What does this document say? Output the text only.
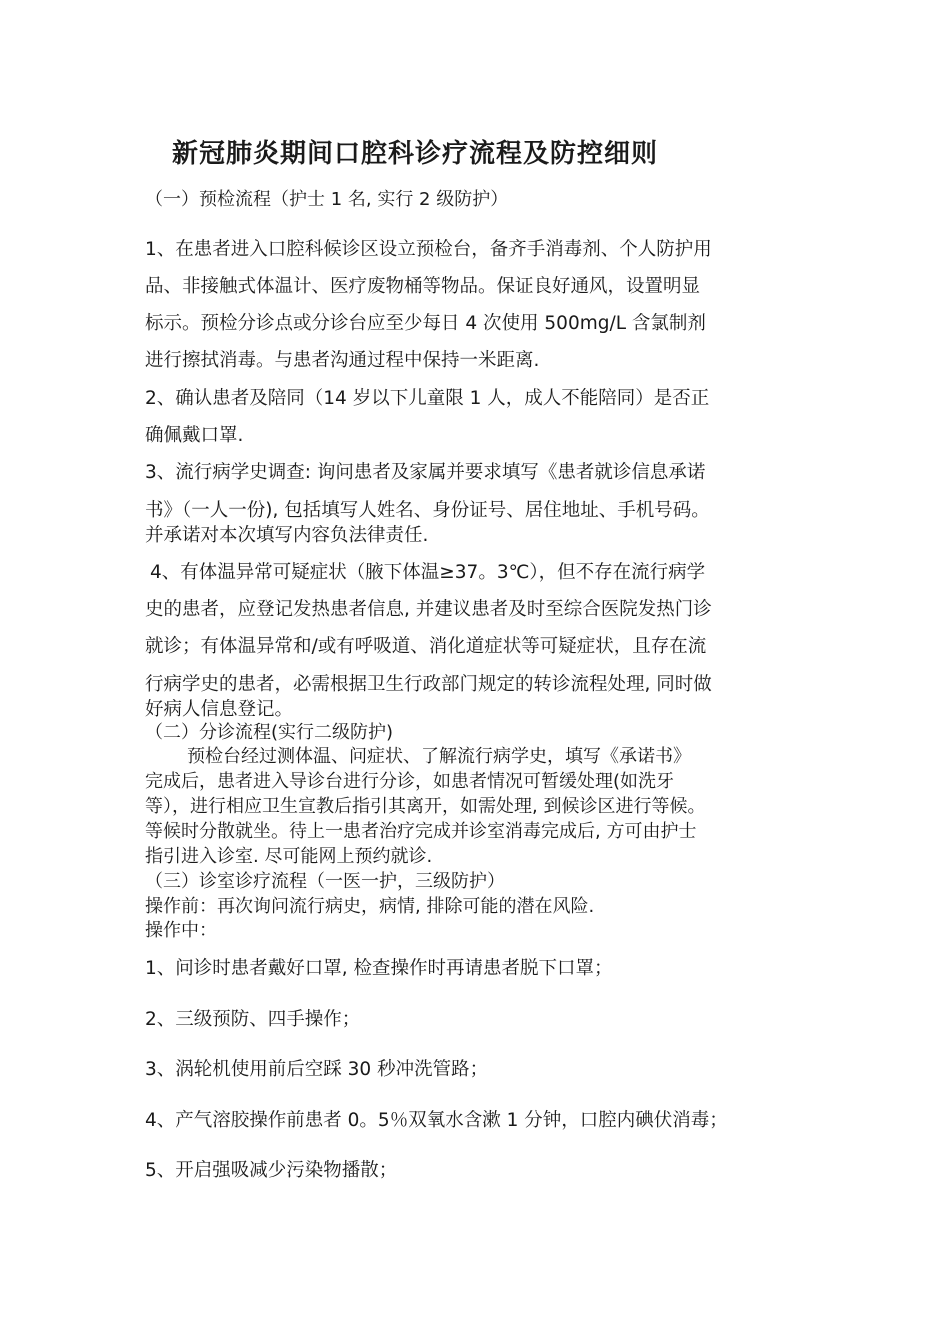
新冠肺炎期间口腔科诊疗流程及防控细则
（一）预检流程（护士 1 名, 实行 2 级防护）
1、在患者进入口腔科候诊区设立预检台，备齐手消毒剂、个人防护用
品、非接触式体温计、医疗废物桶等物品。保证良好通风，设置明显
标示。预检分诊点或分诊台应至少每日 4 次使用 500mg/L 含氯制剂
进行擦拭消毒。与患者沟通过程中保持一米距离.
2、确认患者及陪同（14 岁以下儿童限 1 人，成人不能陪同）是否正
确佩戴口罩.
3、流行病学史调查: 询问患者及家属并要求填写《患者就诊信息承诺
书》（一人一份), 包括填写人姓名、身份证号、居住地址、手机号码。
并承诺对本次填写内容负法律责任.
4、有体温异常可疑症状（腋下体温≥37。3℃），但不存在流行病学
史的患者，应登记发热患者信息, 并建议患者及时至综合医院发热门诊
就诊；有体温异常和/或有呼吸道、消化道症状等可疑症状，且存在流
行病学史的患者，必需根据卫生行政部门规定的转诊流程处理, 同时做
好病人信息登记。
（二）分诊流程(实行二级防护)
预检台经过测体温、问症状、了解流行病学史，填写《承诺书》
完成后，患者进入导诊台进行分诊，如患者情况可暂缓处理(如洗牙
等），进行相应卫生宣教后指引其离开，如需处理, 到候诊区进行等候。
等候时分散就坐。待上一患者治疗完成并诊室消毒完成后, 方可由护士
指引进入诊室. 尽可能网上预约就诊.
（三）诊室诊疗流程（一医一护，三级防护）
操作前：再次询问流行病史，病情, 排除可能的潜在风险.
操作中：
1、问诊时患者戴好口罩, 检查操作时再请患者脱下口罩；
2、三级预防、四手操作；
3、涡轮机使用前后空踩 30 秒冲洗管路；
4、产气溶胶操作前患者 0。5％双氧水含漱 1 分钟，口腔内碘伏消毒；
5、开启强吸减少污染物播散；
